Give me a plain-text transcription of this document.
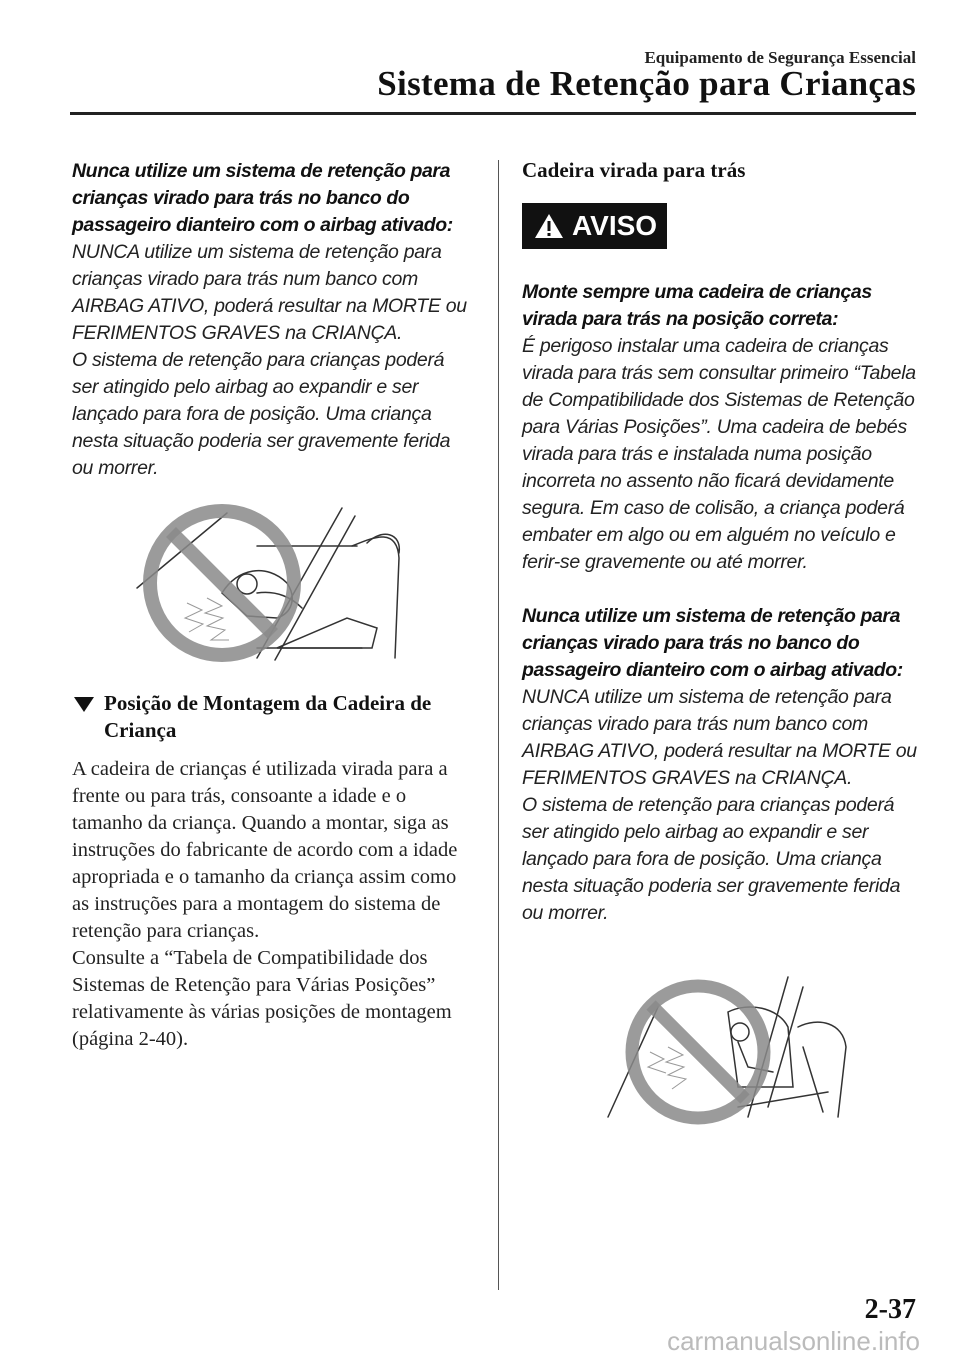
Equipamento de Segurança Essencial
Sistema de Retenção para Crianças

Nunca utilize um sistema de retenção para crianças virado para trás no banco do passageiro dianteiro com o airbag ativado:

NUNCA utilize um sistema de retenção para crianças virado para trás num banco com AIRBAG ATIVO, poderá resultar na MORTE ou FERIMENTOS GRAVES na CRIANÇA.

O sistema de retenção para crianças poderá ser atingido pelo airbag ao expandir e ser lançado para fora de posição. Uma criança nesta situação poderia ser gravemente ferida ou morrer.

Posição de Montagem da Cadeira de Criança

A cadeira de crianças é utilizada virada para a frente ou para trás, consoante a idade e o tamanho da criança. Quando a montar, siga as instruções do fabricante de acordo com a idade apropriada e o tamanho da criança assim como as instruções para a montagem do sistema de retenção para crianças.

Consulte a “Tabela de Compatibilidade dos Sistemas de Retenção para Várias Posições” relativamente às várias posições de montagem (página 2-40).

Cadeira virada para trás

AVISO

Monte sempre uma cadeira de crianças virada para trás na posição correta:

É perigoso instalar uma cadeira de crianças virada para trás sem consultar primeiro “Tabela de Compatibilidade dos Sistemas de Retenção para Várias Posições”. Uma cadeira de bebés virada para trás e instalada numa posição incorreta no assento não ficará devidamente segura. Em caso de colisão, a criança poderá embater em algo ou em alguém no veículo e ferir-se gravemente ou até morrer.

Nunca utilize um sistema de retenção para crianças virado para trás no banco do passageiro dianteiro com o airbag ativado:

NUNCA utilize um sistema de retenção para crianças virado para trás num banco com AIRBAG ATIVO, poderá resultar na MORTE ou FERIMENTOS GRAVES na CRIANÇA.

O sistema de retenção para crianças poderá ser atingido pelo airbag ao expandir e ser lançado para fora de posição. Uma criança nesta situação poderia ser gravemente ferida ou morrer.

2-37
carmanualsonline.info
